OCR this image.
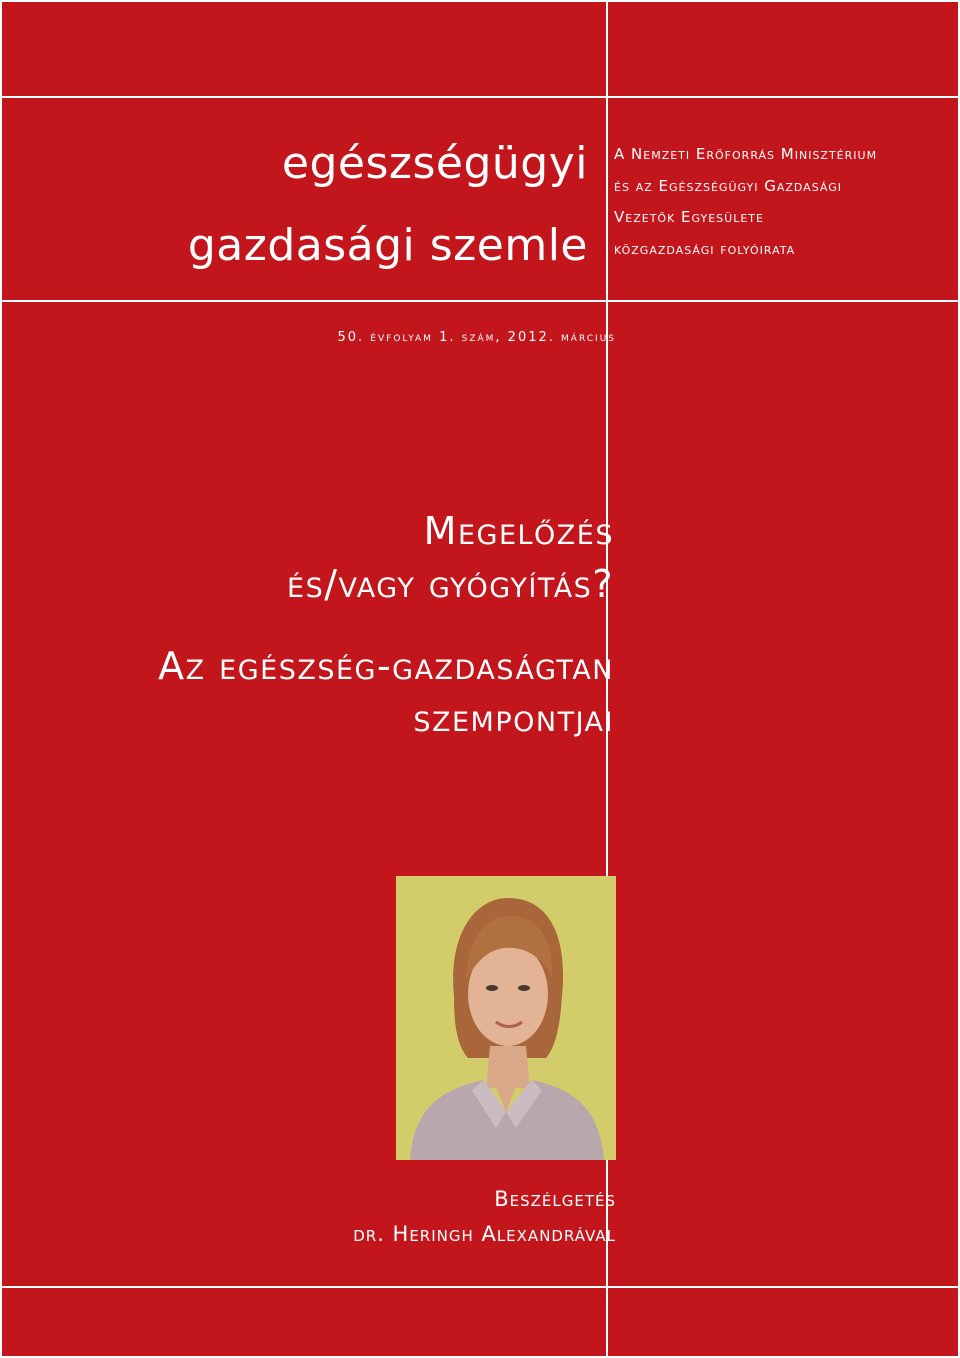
egészségügyi
gazdasági szemle
A Nemzeti Erőforrás Minisztérium
és az Egészségügyi Gazdasági
Vezetők Egyesülete
közgazdasági folyóirata
50. évfolyam 1. szám, 2012. március
Megelőzés
és/vagy gyógyítás?
Az egészség-gazdaságtan
szempontjai
Beszélgetés
dr. Heringh Alexandrával
